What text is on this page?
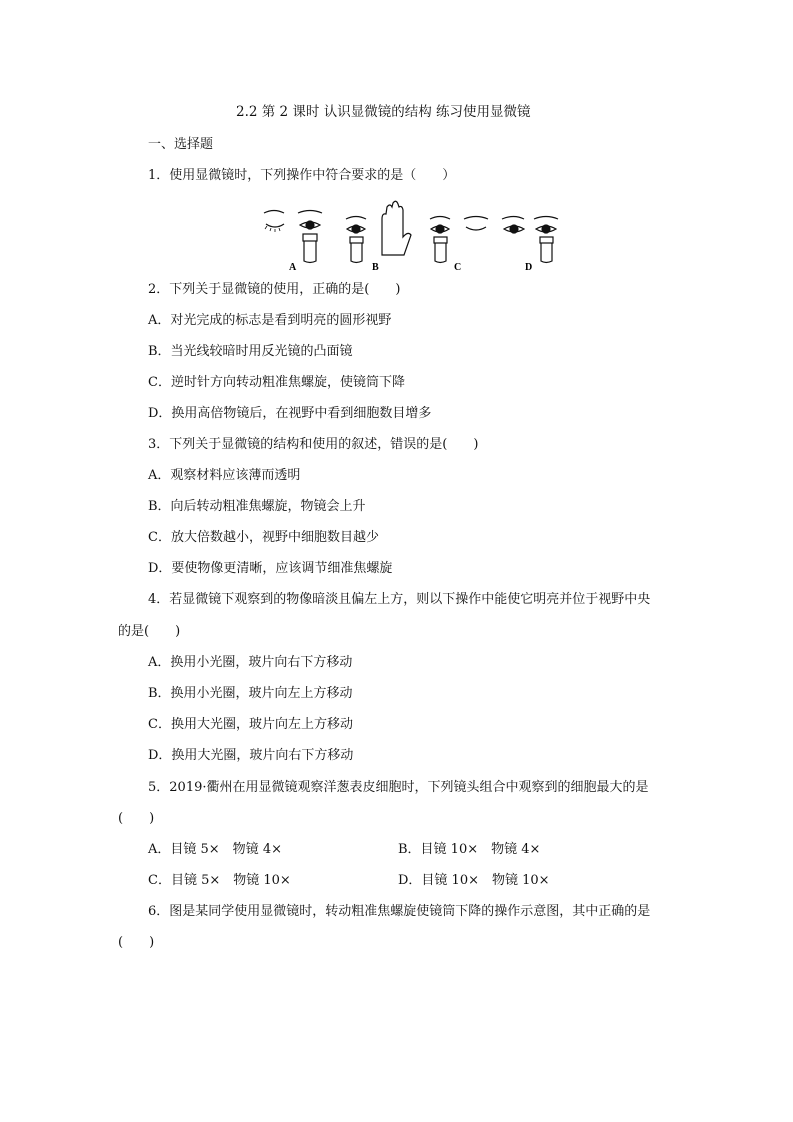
2.2 第 2 课时 认识显微镜的结构 练习使用显微镜
一、选择题
1．使用显微镜时，下列操作中符合要求的是（　　）
A	B	C	D
2．下列关于显微镜的使用，正确的是(　　)
A．对光完成的标志是看到明亮的圆形视野
B．当光线较暗时用反光镜的凸面镜
C．逆时针方向转动粗准焦螺旋，使镜筒下降
D．换用高倍物镜后，在视野中看到细胞数目增多
3．下列关于显微镜的结构和使用的叙述，错误的是(　　)
A．观察材料应该薄而透明
B．向后转动粗准焦螺旋，物镜会上升
C．放大倍数越小，视野中细胞数目越少
D．要使物像更清晰，应该调节细准焦螺旋
4．若显微镜下观察到的物像暗淡且偏左上方，则以下操作中能使它明亮并位于视野中央
的是(　　)
A．换用小光圈，玻片向右下方移动
B．换用小光圈，玻片向左上方移动
C．换用大光圈，玻片向左上方移动
D．换用大光圈，玻片向右下方移动
5．2019·衢州在用显微镜观察洋葱表皮细胞时，下列镜头组合中观察到的细胞最大的是
(　　)
A．目镜 5×　物镜 4×	B．目镜 10×　物镜 4×
C．目镜 5×　物镜 10×	D．目镜 10×　物镜 10×
6．图是某同学使用显微镜时，转动粗准焦螺旋使镜筒下降的操作示意图，其中正确的是
(　　)
